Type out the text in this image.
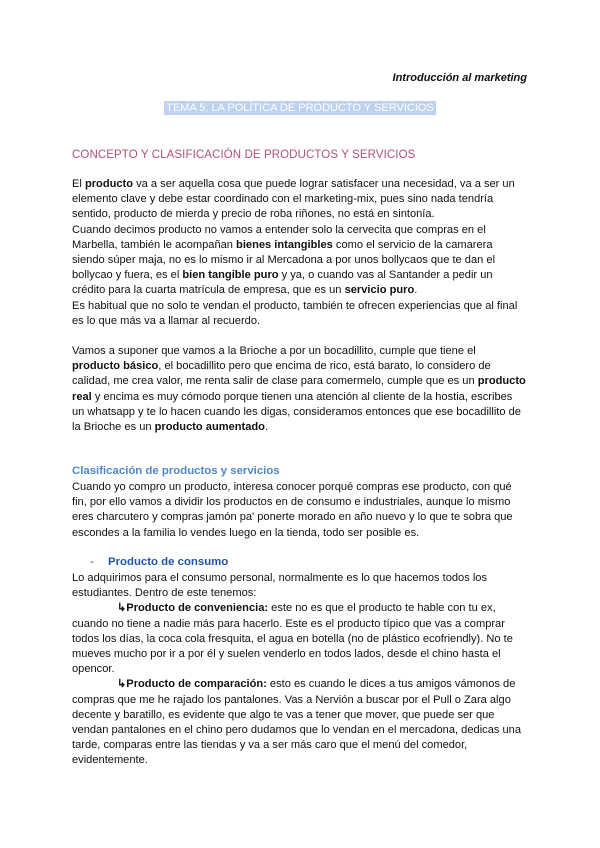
Introducción al marketing
TEMA 5: LA POLÍTICA DE PRODUCTO Y SERVICIOS
CONCEPTO Y CLASIFICACIÓN DE PRODUCTOS Y SERVICIOS
El producto va a ser aquella cosa que puede lograr satisfacer una necesidad, va a ser un
elemento clave y debe estar coordinado con el marketing-mix, pues sino nada tendría
sentido, producto de mierda y precio de roba riñones, no está en sintonía.
Cuando decimos producto no vamos a entender solo la cervecita que compras en el
Marbella, también le acompañan bienes intangibles como el servicio de la camarera
siendo súper maja, no es lo mismo ir al Mercadona a por unos bollycaos que te dan el
bollycao y fuera, es el bien tangible puro y ya, o cuando vas al Santander a pedir un
crédito para la cuarta matrícula de empresa, que es un servicio puro.
Es habitual que no solo te vendan el producto, también te ofrecen experiencias que al final
es lo que más va a llamar al recuerdo.
Vamos a suponer que vamos a la Brioche a por un bocadillito, cumple que tiene el
producto básico, el bocadillito pero que encima de rico, está barato, lo considero de
calidad, me crea valor, me renta salir de clase para comermelo, cumple que es un producto
real y encima es muy cómodo porque tienen una atención al cliente de la hostia, escribes
un whatsapp y te lo hacen cuando les digas, consideramos entonces que ese bocadillito de
la Brioche es un producto aumentado.
Clasificación de productos y servicios
Cuando yo compro un producto, interesa conocer porqué compras ese producto, con qué
fin, por ello vamos a dividir los productos en de consumo e industriales, aunque lo mismo
eres charcutero y compras jamón pa' ponerte morado en año nuevo y lo que te sobra que
escondes a la familia lo vendes luego en la tienda, todo ser posible es.
- Producto de consumo
Lo adquirimos para el consumo personal, normalmente es lo que hacemos todos los
estudiantes. Dentro de este tenemos:
↳Producto de conveniencia: este no es que el producto te hable con tu ex,
cuando no tiene a nadie más para hacerlo. Este es el producto típico que vas a comprar
todos los días, la coca cola fresquita, el agua en botella (no de plástico ecofriendly). No te
mueves mucho por ir a por él y suelen venderlo en todos lados, desde el chino hasta el
opencor.
↳Producto de comparación: esto es cuando le dices a tus amigos vámonos de
compras que me he rajado los pantalones. Vas a Nervión a buscar por el Pull o Zara algo
decente y baratillo, es evidente que algo te vas a tener que mover, que puede ser que
vendan pantalones en el chino pero dudamos que lo vendan en el mercadona, dedicas una
tarde, comparas entre las tiendas y va a ser más caro que el menú del comedor,
evidentemente.
